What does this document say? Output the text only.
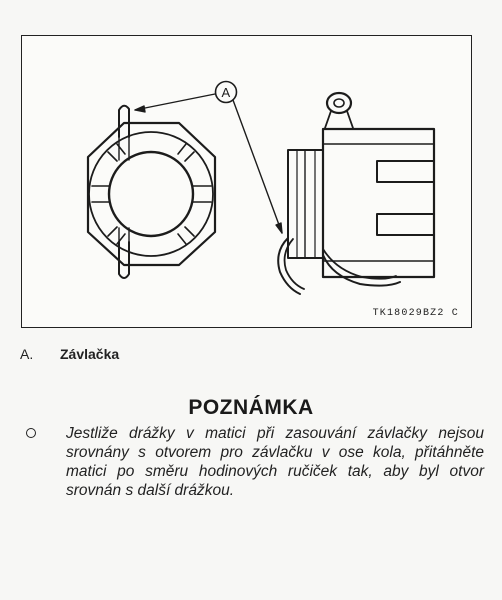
A
TK18029BZ2 C
A. Závlačka
POZNÁMKA

Jestliže drážky v matici při zasouvání závlačky nejsou srovnány s otvorem pro závlačku v ose kola, přitáhněte matici po směru hodinových ručiček tak, aby byl otvor srovnán s další drážkou.
